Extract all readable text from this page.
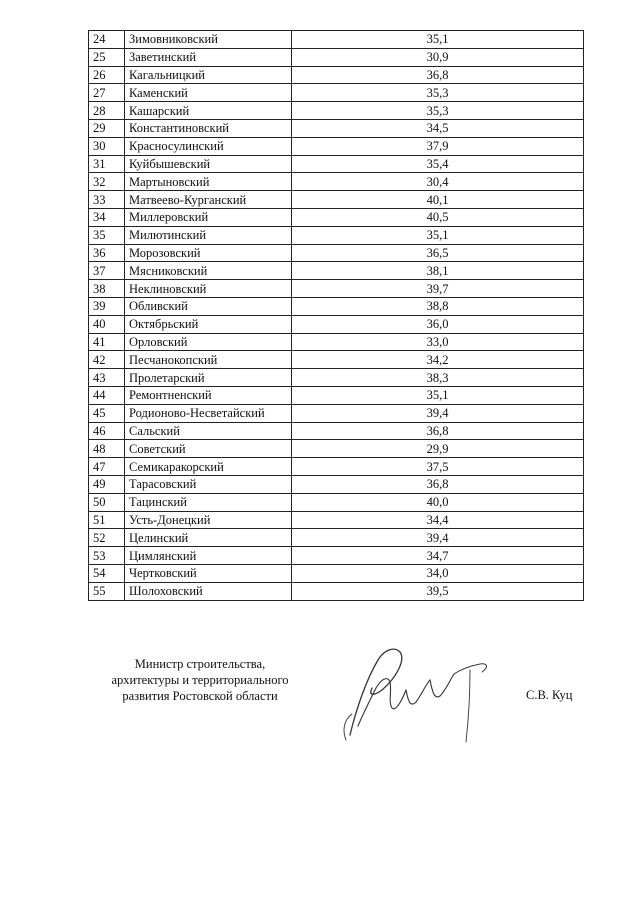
24	Зимовниковский	35,1
25	Заветинский	30,9
26	Кагальницкий	36,8
27	Каменский	35,3
28	Кашарский	35,3
29	Константиновский	34,5
30	Красносулинский	37,9
31	Куйбышевский	35,4
32	Мартыновский	30,4
33	Матвеево-Курганский	40,1
34	Миллеровский	40,5
35	Милютинский	35,1
36	Морозовский	36,5
37	Мясниковский	38,1
38	Неклиновский	39,7
39	Обливский	38,8
40	Октябрьский	36,0
41	Орловский	33,0
42	Песчанокопский	34,2
43	Пролетарский	38,3
44	Ремонтненский	35,1
45	Родионово-Несветайский	39,4
46	Сальский	36,8
48	Советский	29,9
47	Семикаракорский	37,5
49	Тарасовский	36,8
50	Тацинский	40,0
51	Усть-Донецкий	34,4
52	Целинский	39,4
53	Цимлянский	34,7
54	Чертковский	34,0
55	Шолоховский	39,5
Министр строительства,
архитектуры и территориального
развития Ростовской области	С.В. Куц
